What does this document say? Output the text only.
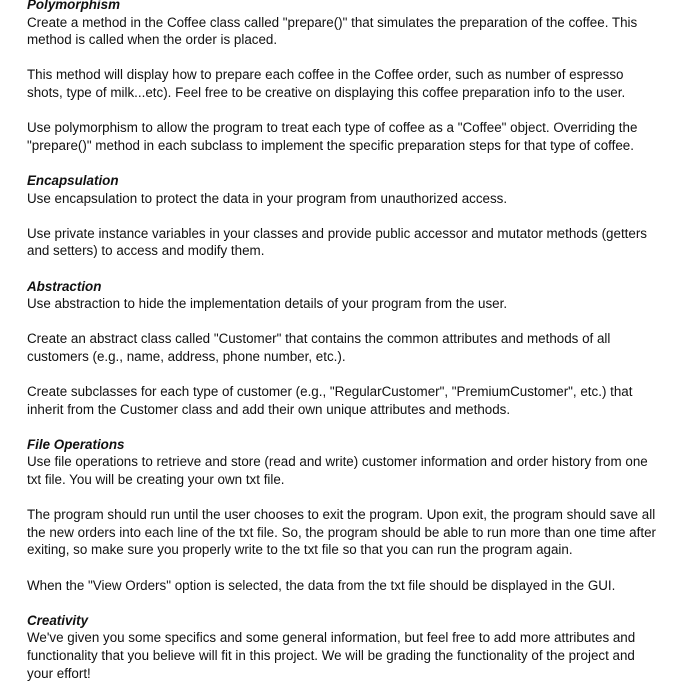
Polymorphism

Create a method in the Coffee class called "prepare()" that simulates the preparation of the coffee. This method is called when the order is placed.

This method will display how to prepare each coffee in the Coffee order, such as number of espresso shots, type of milk...etc). Feel free to be creative on displaying this coffee preparation info to the user.

Use polymorphism to allow the program to treat each type of coffee as a "Coffee" object. Overriding the "prepare()" method in each subclass to implement the specific preparation steps for that type of coffee.

Encapsulation

Use encapsulation to protect the data in your program from unauthorized access.

Use private instance variables in your classes and provide public accessor and mutator methods (getters and setters) to access and modify them.

Abstraction

Use abstraction to hide the implementation details of your program from the user.

Create an abstract class called "Customer" that contains the common attributes and methods of all customers (e.g., name, address, phone number, etc.).

Create subclasses for each type of customer (e.g., "RegularCustomer", "PremiumCustomer", etc.) that inherit from the Customer class and add their own unique attributes and methods.

File Operations

Use file operations to retrieve and store (read and write) customer information and order history from one txt file. You will be creating your own txt file.

The program should run until the user chooses to exit the program. Upon exit, the program should save all the new orders into each line of the txt file. So, the program should be able to run more than one time after exiting, so make sure you properly write to the txt file so that you can run the program again.

When the "View Orders" option is selected, the data from the txt file should be displayed in the GUI.

Creativity

We've given you some specifics and some general information, but feel free to add more attributes and functionality that you believe will fit in this project. We will be grading the functionality of the project and your effort!
